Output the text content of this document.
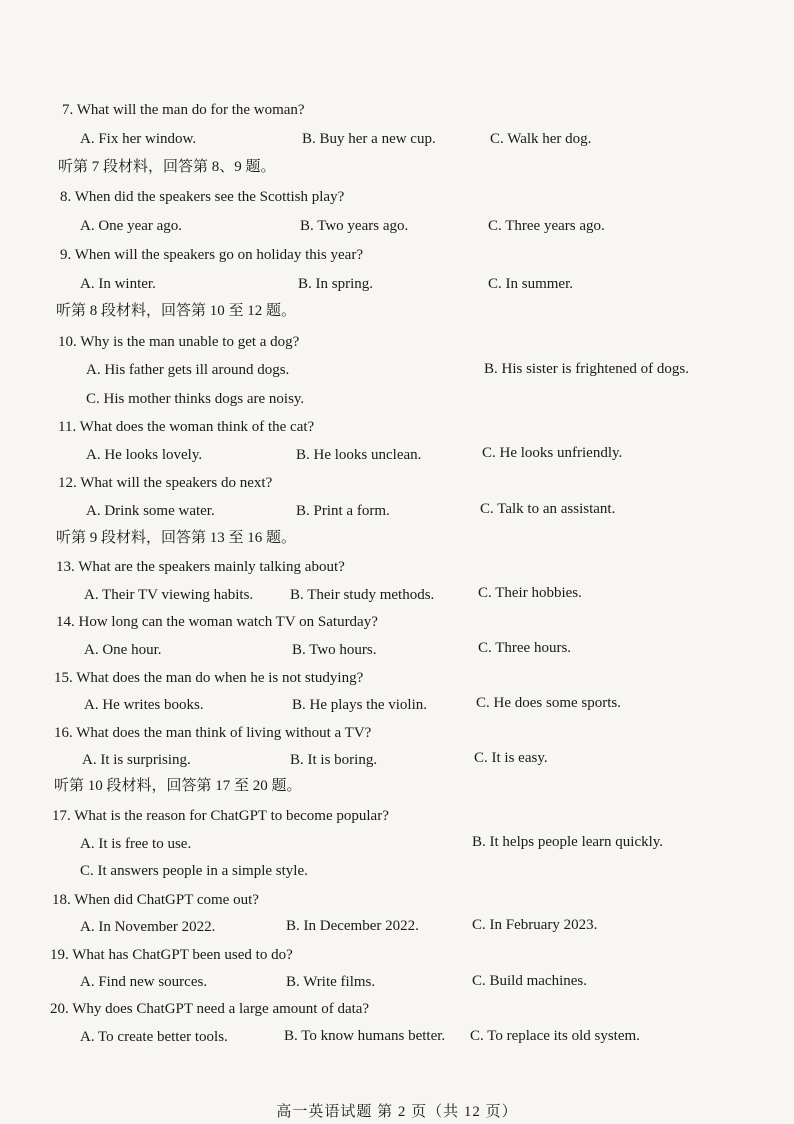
7. What will the man do for the woman?
A. Fix her window.	B. Buy her a new cup.	C. Walk her dog.
听第 7 段材料，回答第 8、9 题。
8. When did the speakers see the Scottish play?
A. One year ago.	B. Two years ago.	C. Three years ago.
9. When will the speakers go on holiday this year?
A. In winter.	B. In spring.	C. In summer.
听第 8 段材料，回答第 10 至 12 题。
10. Why is the man unable to get a dog?
A. His father gets ill around dogs.	B. His sister is frightened of dogs.
C. His mother thinks dogs are noisy.
11. What does the woman think of the cat?
A. He looks lovely.	B. He looks unclean.	C. He looks unfriendly.
12. What will the speakers do next?
A. Drink some water.	B. Print a form.	C. Talk to an assistant.
听第 9 段材料，回答第 13 至 16 题。
13. What are the speakers mainly talking about?
A. Their TV viewing habits. B. Their study methods.	C. Their hobbies.
14. How long can the woman watch TV on Saturday?
A. One hour.	B. Two hours.	C. Three hours.
15. What does the man do when he is not studying?
A. He writes books.	B. He plays the violin.	C. He does some sports.
16. What does the man think of living without a TV?
A. It is surprising.	B. It is boring.	C. It is easy.
听第 10 段材料，回答第 17 至 20 题。
17. What is the reason for ChatGPT to become popular?
A. It is free to use.	B. It helps people learn quickly.
C. It answers people in a simple style.
18. When did ChatGPT come out?
A. In November 2022.	B. In December 2022.	C. In February 2023.
19. What has ChatGPT been used to do?
A. Find new sources.	B. Write films.	C. Build machines.
20. Why does ChatGPT need a large amount of data?
A. To create better tools.	B. To know humans better. C. To replace its old system.
高一英语试题 第 2 页（共 12 页）
